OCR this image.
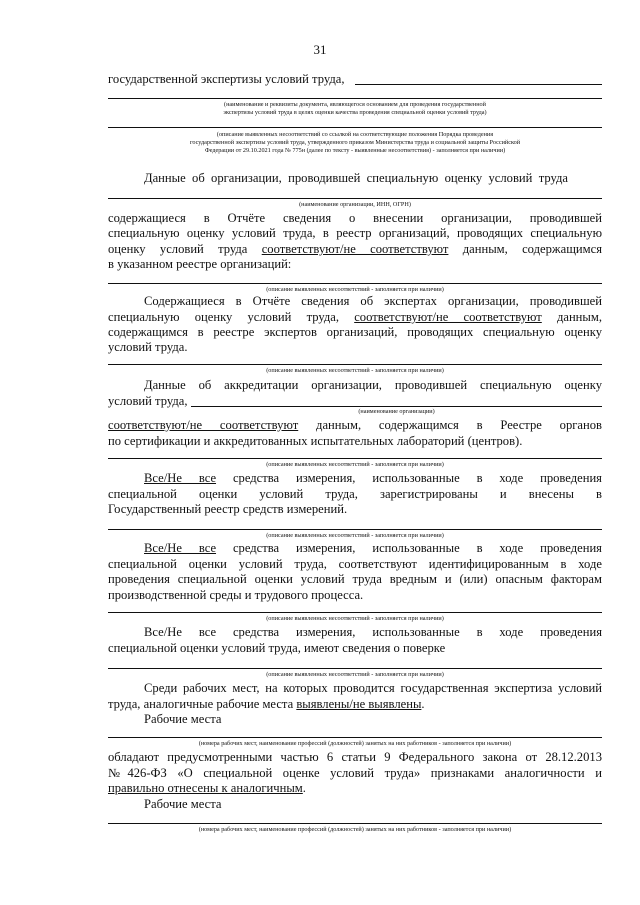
31
государственной экспертизы условий труда,
(наименование и реквизиты документа, являющегося основанием для проведения государственной
экспертизы условий труда в целях оценки качества проведения специальной оценки условий труда)
(описание выявленных несоответствий со ссылкой на соответствующие положения Порядка проведения
государственной экспертизы условий труда, утвержденного приказом Министерства труда и социальной защиты Российской
Федерации от 29.10.2021 года № 775н (далее по тексту - выявленные несоответствия) - заполняется при наличии)
Данные об организации, проводившей специальную оценку условий труда
(наименование организации, ИНН, ОГРН)
содержащиеся в Отчёте сведения о внесении организации, проводившей
специальную оценку условий труда, в реестр организаций, проводящих специальную
оценку условий труда соответствуют/не соответствуют данным, содержащимся
в указанном реестре организаций:
(описание выявленных несоответствий - заполняется при наличии)
Содержащиеся в Отчёте сведения об экспертах организации, проводившей
специальную оценку условий труда, соответствуют/не соответствуют данным,
содержащимся в реестре экспертов организаций, проводящих специальную оценку
условий труда.
(описание выявленных несоответствий - заполняется при наличии)
Данные об аккредитации организации, проводившей специальную оценку
условий труда,
(наименование организации)
соответствуют/не соответствуют данным, содержащимся в Реестре органов
по сертификации и аккредитованных испытательных лабораторий (центров).
(описание выявленных несоответствий - заполняется при наличии)
Все/Не все средства измерения, использованные в ходе проведения
специальной оценки условий труда, зарегистрированы и внесены в
Государственный реестр средств измерений.
(описание выявленных несоответствий - заполняется при наличии)
Все/Не все средства измерения, использованные в ходе проведения
специальной оценки условий труда, соответствуют идентифицированным в ходе
проведения специальной оценки условий труда вредным и (или) опасным факторам
производственной среды и трудового процесса.
(описание выявленных несоответствий - заполняется при наличии)
Все/Не все средства измерения, использованные в ходе проведения
специальной оценки условий труда, имеют сведения о поверке
(описание выявленных несоответствий - заполняется при наличии)
Среди рабочих мест, на которых проводится государственная экспертиза условий
труда, аналогичные рабочие места выявлены/не выявлены.
Рабочие места
(номера рабочих мест, наименование профессий (должностей) занятых на них работников - заполняется при наличии)
обладают предусмотренными частью 6 статьи 9 Федерального закона от 28.12.2013
№426-ФЗ «О специальной оценке условий труда» признаками аналогичности и
правильно отнесены к аналогичным.
Рабочие места
(номера рабочих мест, наименование профессий (должностей) занятых на них работников - заполняется при наличии)
